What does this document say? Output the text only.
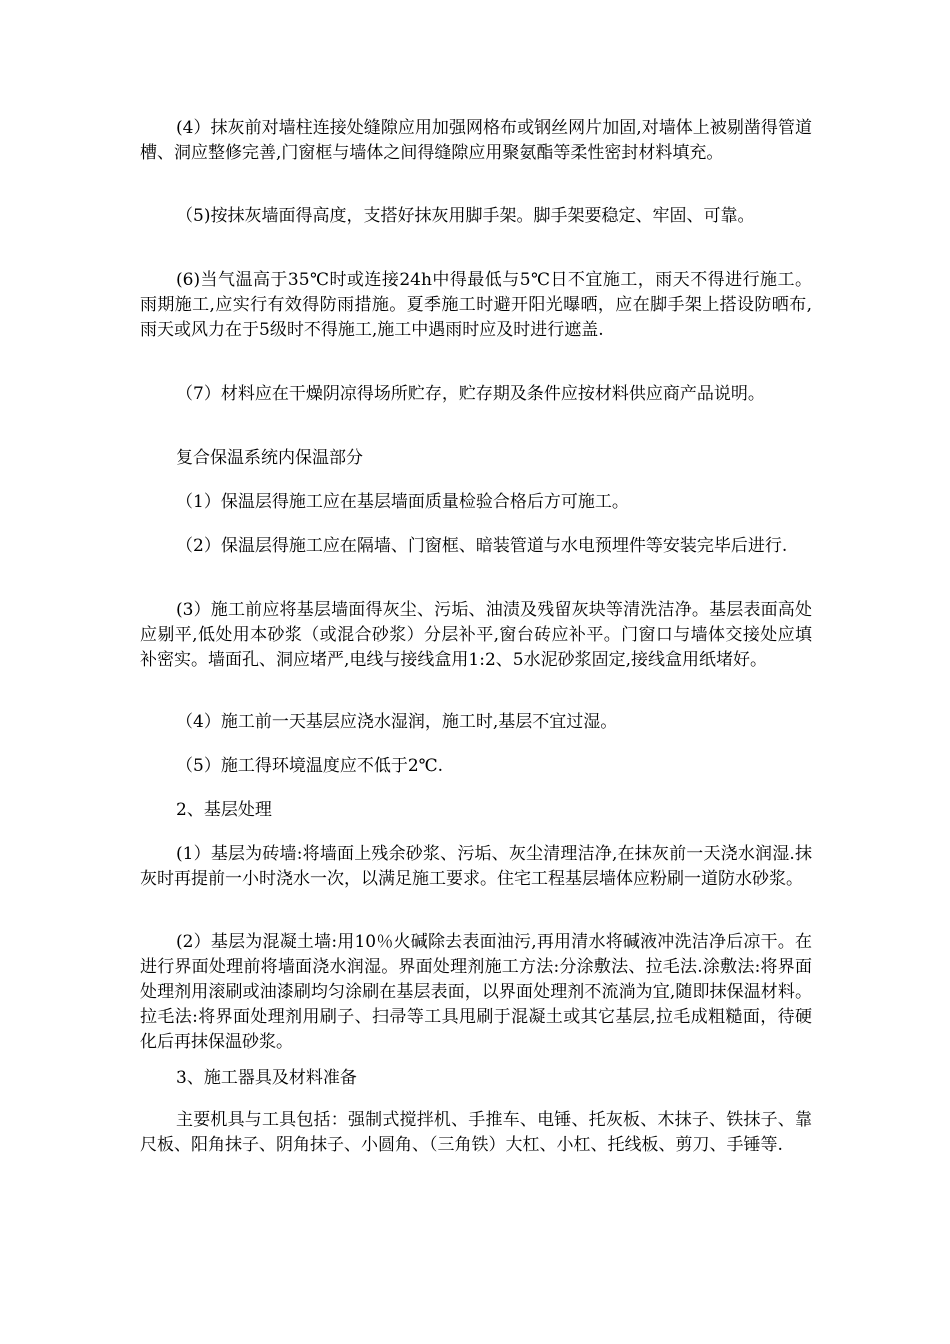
(4）抹灰前对墙柱连接处缝隙应用加强网格布或钢丝网片加固,对墙体上被剔凿得管道槽、洞应整修完善,门窗框与墙体之间得缝隙应用聚氨酯等柔性密封材料填充。

（5)按抹灰墙面得高度，支搭好抹灰用脚手架。脚手架要稳定、牢固、可靠。

(6)当气温高于35℃时或连接24h中得最低与5℃日不宜施工，雨天不得进行施工。雨期施工,应实行有效得防雨措施。夏季施工时避开阳光曝晒，应在脚手架上搭设防晒布,雨天或风力在于5级时不得施工,施工中遇雨时应及时进行遮盖.

（7）材料应在干燥阴凉得场所贮存，贮存期及条件应按材料供应商产品说明。

复合保温系统内保温部分

（1）保温层得施工应在基层墙面质量检验合格后方可施工。

（2）保温层得施工应在隔墙、门窗框、暗装管道与水电预埋件等安装完毕后进行.

(3）施工前应将基层墙面得灰尘、污垢、油渍及残留灰块等清洗洁净。基层表面高处应剔平,低处用本砂浆（或混合砂浆）分层补平,窗台砖应补平。门窗口与墙体交接处应填补密实。墙面孔、洞应堵严,电线与接线盒用1:2、5水泥砂浆固定,接线盒用纸堵好。

（4）施工前一天基层应浇水湿润，施工时,基层不宜过湿。

（5）施工得环境温度应不低于2℃.

2、基层处理

(1）基层为砖墙:将墙面上残余砂浆、污垢、灰尘清理洁净,在抹灰前一天浇水润湿.抹灰时再提前一小时浇水一次，以满足施工要求。住宅工程基层墙体应粉刷一道防水砂浆。

(2）基层为混凝土墙:用10％火碱除去表面油污,再用清水将碱液冲洗洁净后凉干。在进行界面处理前将墙面浇水润湿。界面处理剂施工方法:分涂敷法、拉毛法.涂敷法:将界面处理剂用滚刷或油漆刷均匀涂刷在基层表面，以界面处理剂不流淌为宜,随即抹保温材料。拉毛法:将界面处理剂用刷子、扫帚等工具甩刷于混凝土或其它基层,拉毛成粗糙面，待硬化后再抹保温砂浆。

3、施工器具及材料准备

主要机具与工具包括：强制式搅拌机、手推车、电锤、托灰板、木抹子、铁抹子、靠尺板、阳角抹子、阴角抹子、小圆角、（三角铁）大杠、小杠、托线板、剪刀、手锤等.
